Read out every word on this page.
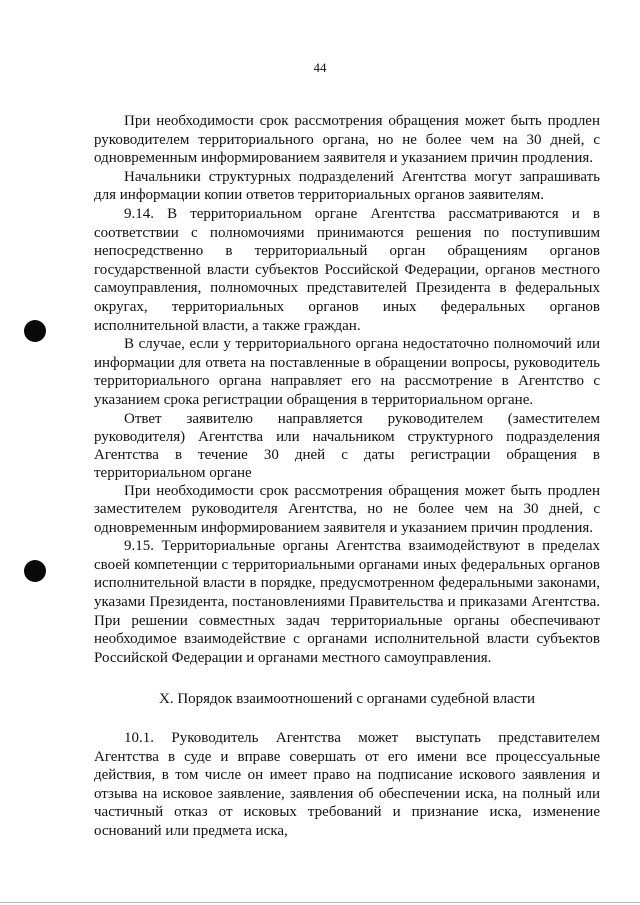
44

При необходимости срок рассмотрения обращения может быть продлен руководителем территориального органа, но не более чем на 30 дней, с одновременным информированием заявителя и указанием причин продления.

Начальники структурных подразделений Агентства могут запрашивать для информации копии ответов территориальных органов заявителям.

9.14. В территориальном органе Агентства рассматриваются и в соответствии с полномочиями принимаются решения по поступившим непосредственно в территориальный орган обращениям органов государственной власти субъектов Российской Федерации, органов местного самоуправления, полномочных представителей Президента в федеральных округах, территориальных органов иных федеральных органов исполнительной власти, а также граждан.

В случае, если у территориального органа недостаточно полномочий или информации для ответа на поставленные в обращении вопросы, руководитель территориального органа направляет его на рассмотрение в Агентство с указанием срока регистрации обращения в территориальном органе.

Ответ заявителю направляется руководителем (заместителем руководителя) Агентства или начальником структурного подразделения Агентства в течение 30 дней с даты регистрации обращения в территориальном органе

При необходимости срок рассмотрения обращения может быть продлен заместителем руководителя Агентства, но не более чем на 30 дней, с одновременным информированием заявителя и указанием причин продления.

9.15. Территориальные органы Агентства взаимодействуют в пределах своей компетенции с территориальными органами иных федеральных органов исполнительной власти в порядке, предусмотренном федеральными законами, указами Президента, постановлениями Правительства и приказами Агентства. При решении совместных задач территориальные органы обеспечивают необходимое взаимодействие с органами исполнительной власти субъектов Российской Федерации и органами местного самоуправления.

X. Порядок взаимоотношений с органами судебной власти

10.1. Руководитель Агентства может выступать представителем Агентства в суде и вправе совершать от его имени все процессуальные действия, в том числе он имеет право на подписание искового заявления и отзыва на исковое заявление, заявления об обеспечении иска, на полный или частичный отказ от исковых требований и признание иска, изменение оснований или предмета иска,
